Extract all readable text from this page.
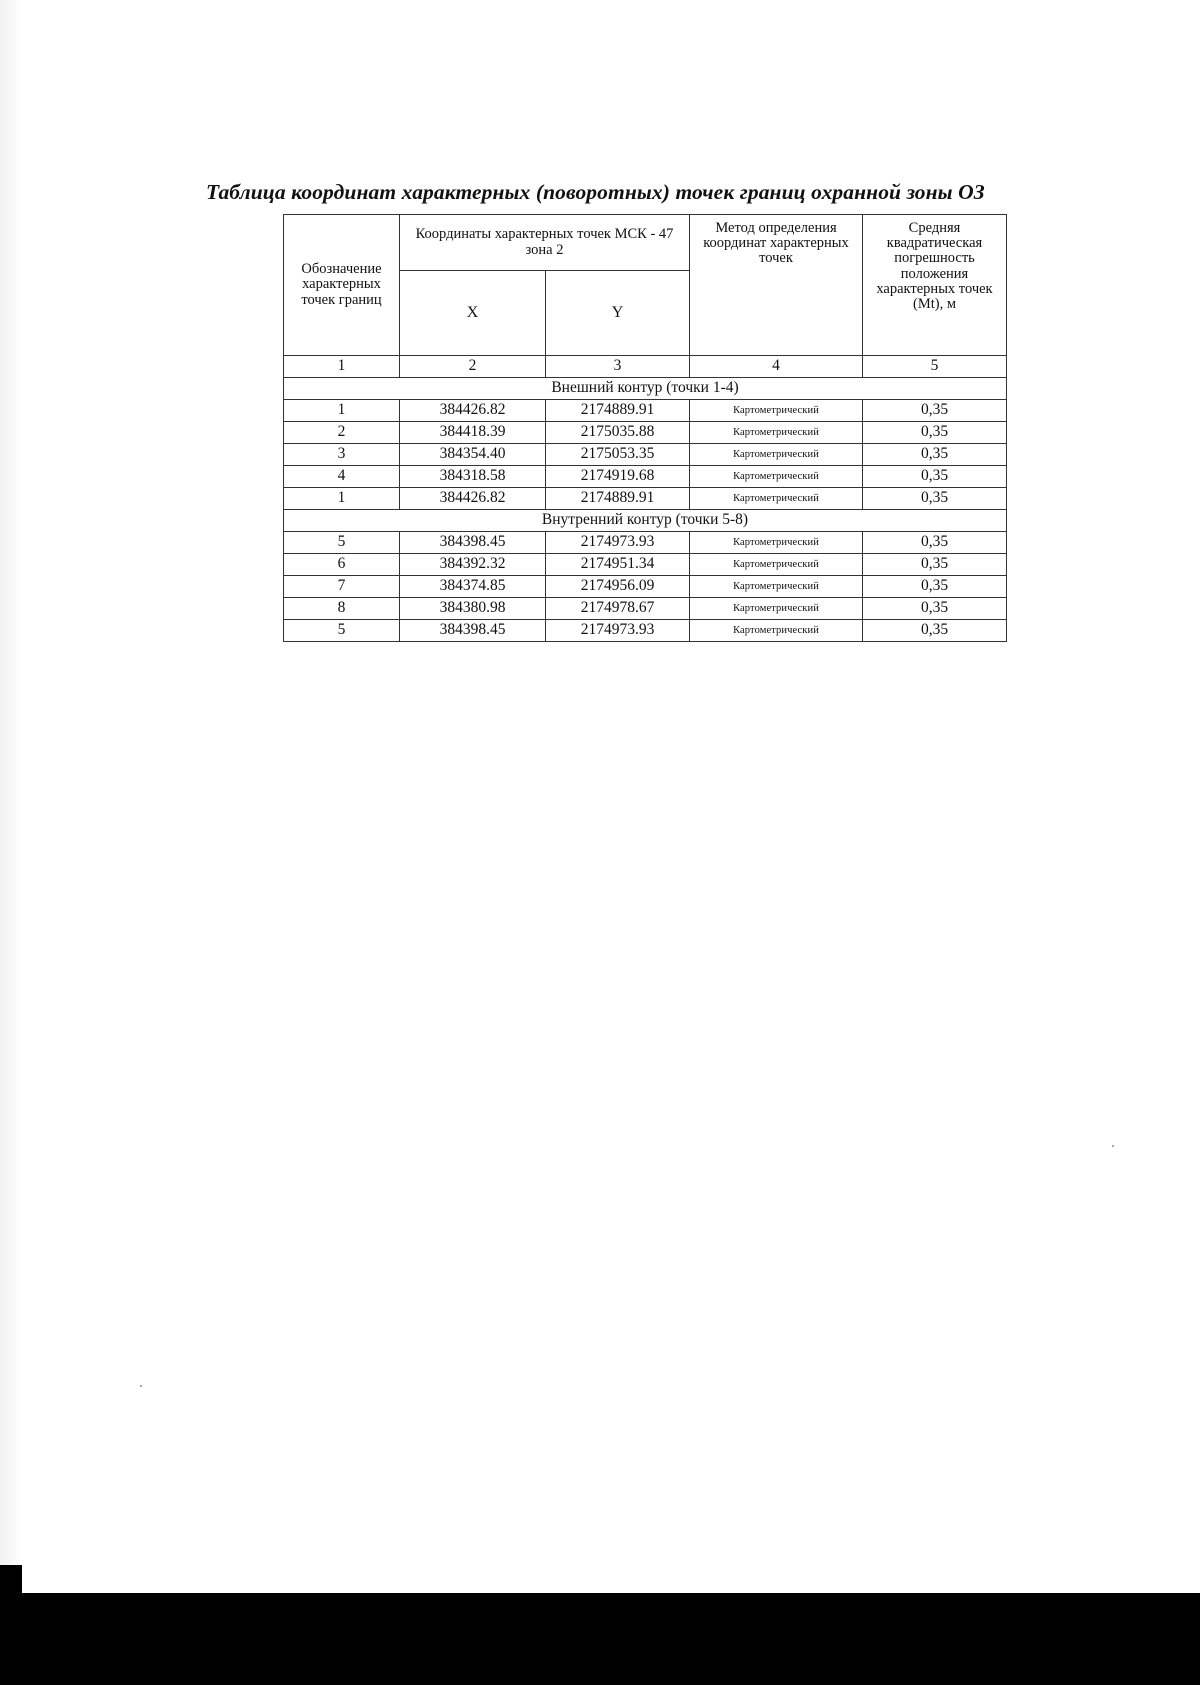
Таблица координат характерных (поворотных) точек границ охранной зоны ОЗ
Обозначение характерных точек границ	Координаты характерных точек МСК - 47 зона 2		Метод определения координат характерных точек	Средняя квадратическая погрешность положения характерных точек (Mt), м
	X	Y		
1	2	3	4	5
Внешний контур (точки 1-4)				
1	384426.82	2174889.91	Картометрический	0,35
2	384418.39	2175035.88	Картометрический	0,35
3	384354.40	2175053.35	Картометрический	0,35
4	384318.58	2174919.68	Картометрический	0,35
1	384426.82	2174889.91	Картометрический	0,35
Внутренний контур (точки 5-8)				
5	384398.45	2174973.93	Картометрический	0,35
6	384392.32	2174951.34	Картометрический	0,35
7	384374.85	2174956.09	Картометрический	0,35
8	384380.98	2174978.67	Картометрический	0,35
5	384398.45	2174973.93	Картометрический	0,35
